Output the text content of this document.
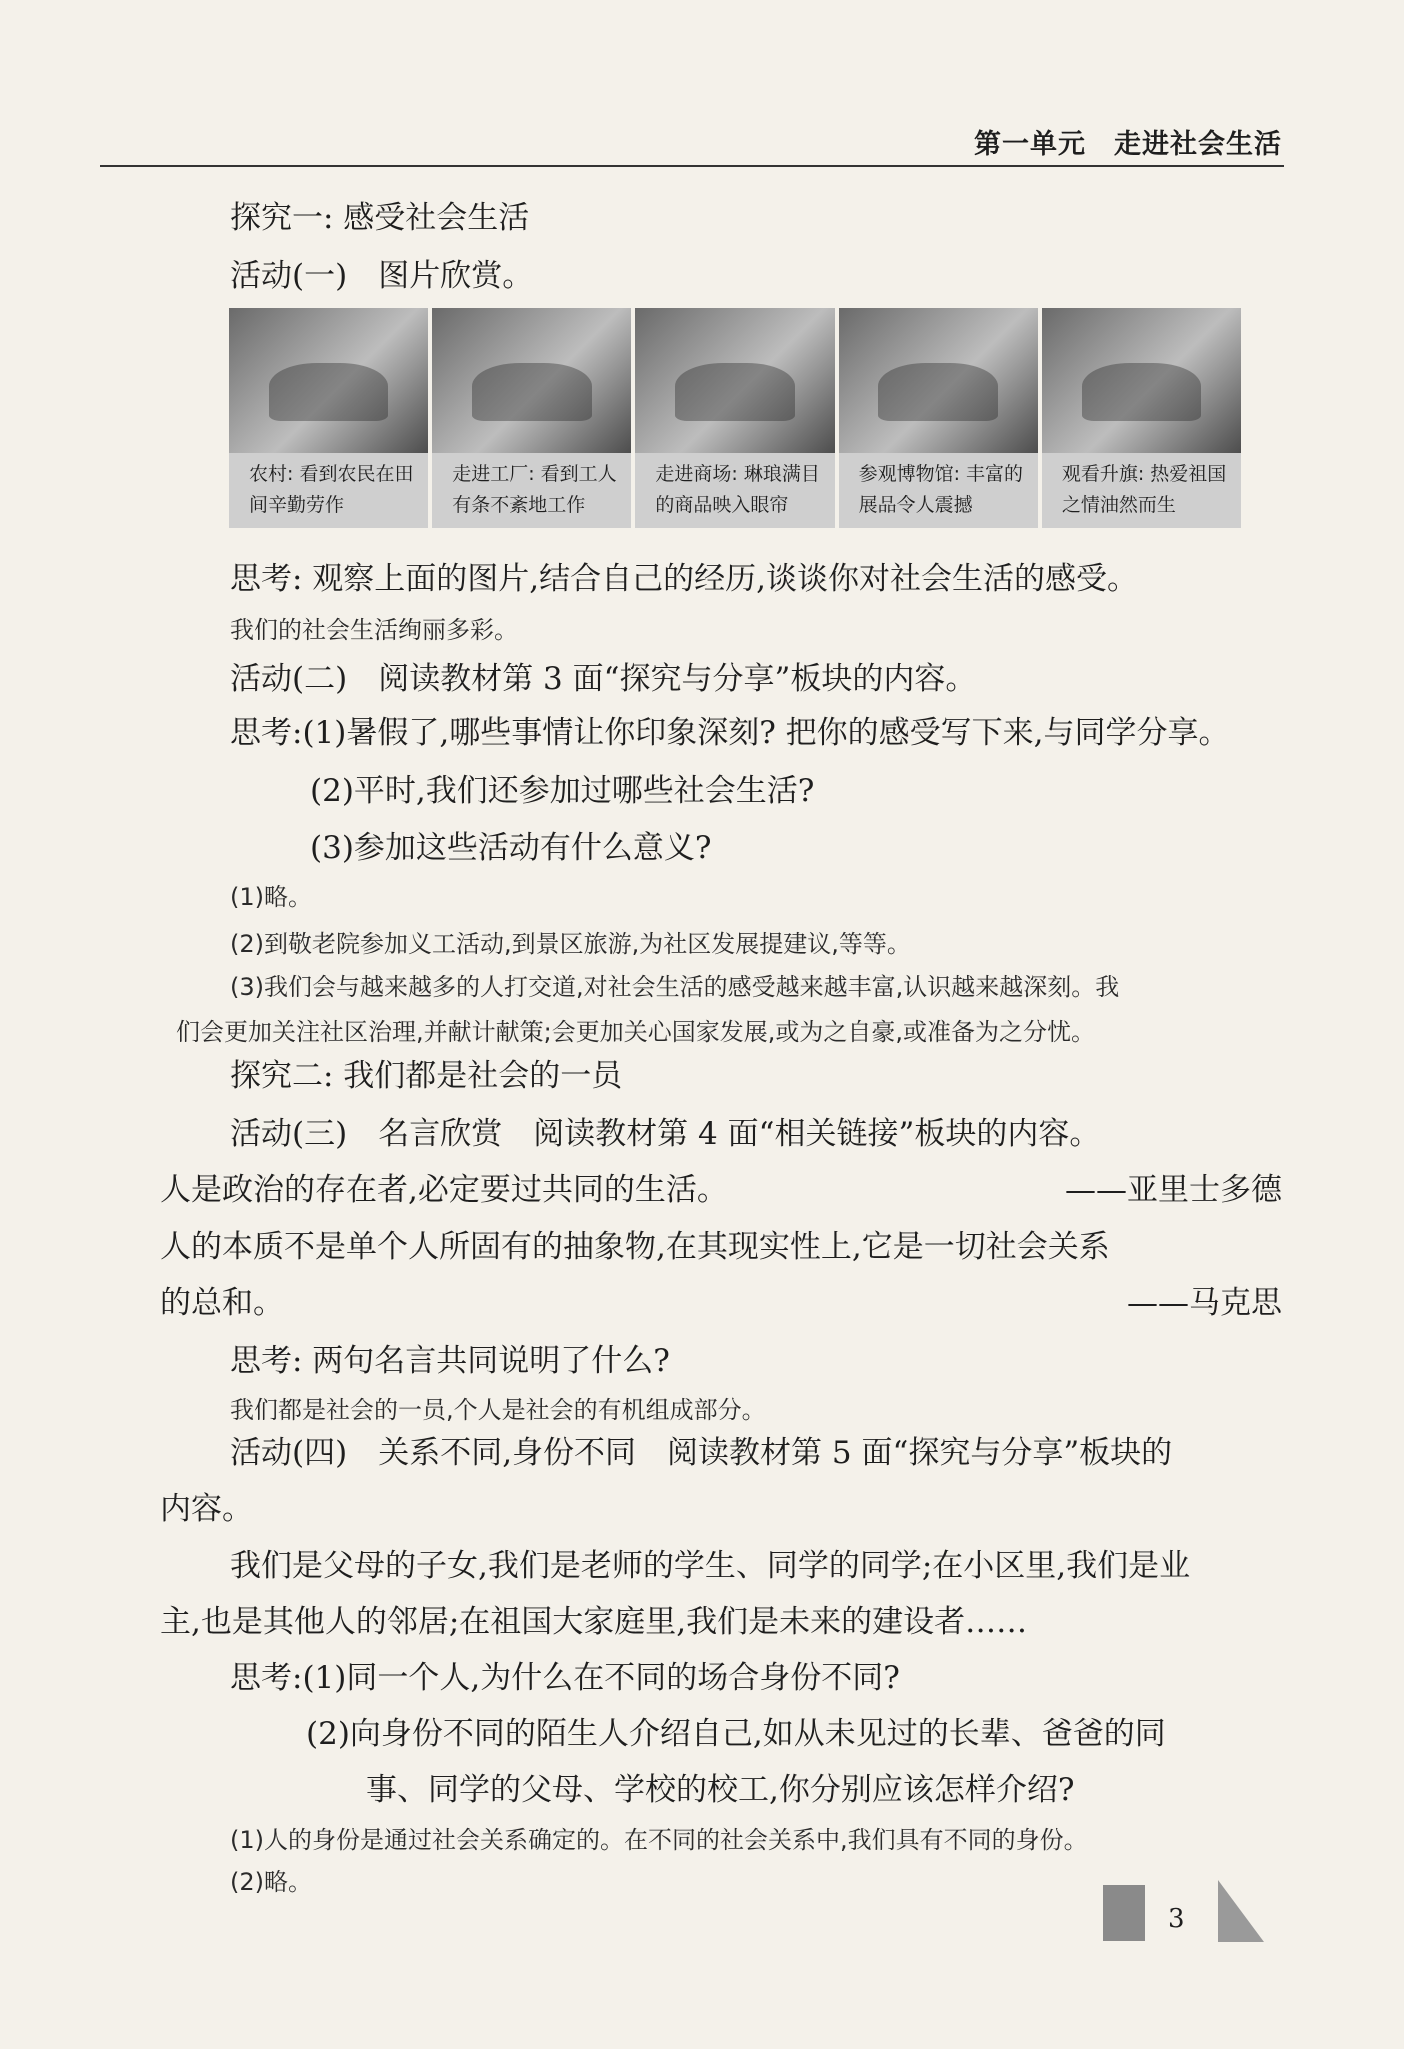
第一单元　走进社会生活
探究一: 感受社会生活
活动(一)　图片欣赏。
农村: 看到农民在田间辛勤劳作
走进工厂: 看到工人有条不紊地工作
走进商场: 琳琅满目的商品映入眼帘
参观博物馆: 丰富的展品令人震撼
观看升旗: 热爱祖国之情油然而生
思考: 观察上面的图片,结合自己的经历,谈谈你对社会生活的感受。
我们的社会生活绚丽多彩。
活动(二)　阅读教材第 3 面“探究与分享”板块的内容。
思考:(1)暑假了,哪些事情让你印象深刻? 把你的感受写下来,与同学分享。
(2)平时,我们还参加过哪些社会生活?
(3)参加这些活动有什么意义?
(1)略。
(2)到敬老院参加义工活动,到景区旅游,为社区发展提建议,等等。
(3)我们会与越来越多的人打交道,对社会生活的感受越来越丰富,认识越来越深刻。我
们会更加关注社区治理,并献计献策;会更加关心国家发展,或为之自豪,或准备为之分忧。
探究二: 我们都是社会的一员
活动(三)　名言欣赏　阅读教材第 4 面“相关链接”板块的内容。
人是政治的存在者,必定要过共同的生活。	——亚里士多德
人的本质不是单个人所固有的抽象物,在其现实性上,它是一切社会关系
的总和。	——马克思
思考: 两句名言共同说明了什么?
我们都是社会的一员,个人是社会的有机组成部分。
活动(四)　关系不同,身份不同　阅读教材第 5 面“探究与分享”板块的
内容。
我们是父母的子女,我们是老师的学生、同学的同学;在小区里,我们是业
主,也是其他人的邻居;在祖国大家庭里,我们是未来的建设者……
思考:(1)同一个人,为什么在不同的场合身份不同?
(2)向身份不同的陌生人介绍自己,如从未见过的长辈、爸爸的同
事、同学的父母、学校的校工,你分别应该怎样介绍?
(1)人的身份是通过社会关系确定的。在不同的社会关系中,我们具有不同的身份。
(2)略。
3
